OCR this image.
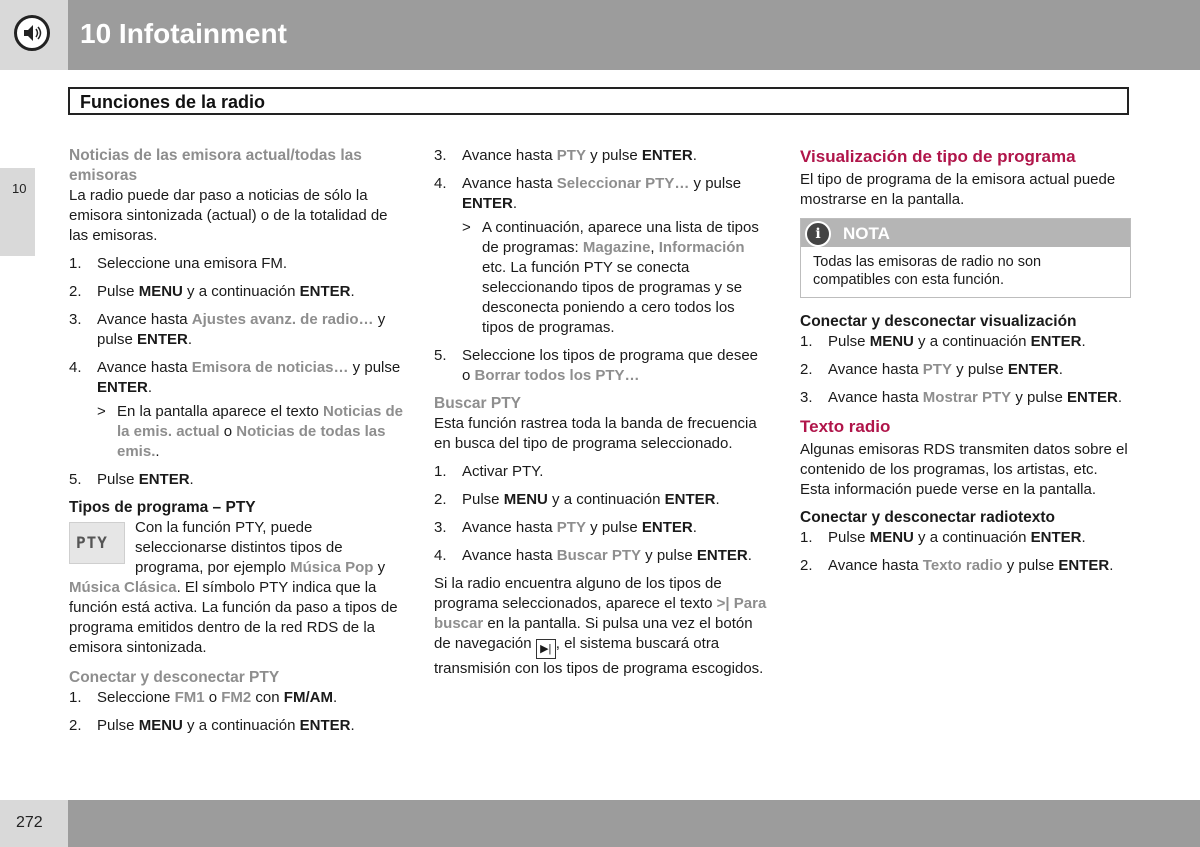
10 Infotainment
Funciones de la radio
10
Noticias de las emisora actual/todas las emisoras

La radio puede dar paso a noticias de sólo la emisora sintonizada (actual) o de la totalidad de las emisoras.

1. Seleccione una emisora FM.
2. Pulse MENU y a continuación ENTER.
3. Avance hasta Ajustes avanz. de radio… y pulse ENTER.
4. Avance hasta Emisora de noticias… y pulse ENTER.
> En la pantalla aparece el texto Noticias de la emis. actual o Noticias de todas las emis..
5. Pulse ENTER.
Tipos de programa – PTY

PTY
Con la función PTY, puede seleccionarse distintos tipos de programa, por ejemplo Música Pop y Música Clásica. El símbolo PTY indica que la función está activa. La función da paso a tipos de programa emitidos dentro de la red RDS de la emisora sintonizada.

Conectar y desconectar PTY
1. Seleccione FM1 o FM2 con FM/AM.
2. Pulse MENU y a continuación ENTER.
3. Avance hasta PTY y pulse ENTER.
4. Avance hasta Seleccionar PTY… y pulse ENTER.
> A continuación, aparece una lista de tipos de programas: Magazine, Información etc. La función PTY se conecta seleccionando tipos de programas y se desconecta poniendo a cero todos los tipos de programas.
5. Seleccione los tipos de programa que desee o Borrar todos los PTY…
Buscar PTY

Esta función rastrea toda la banda de frecuencia en busca del tipo de programa seleccionado.

1. Activar PTY.
2. Pulse MENU y a continuación ENTER.
3. Avance hasta PTY y pulse ENTER.
4. Avance hasta Buscar PTY y pulse ENTER.

Si la radio encuentra alguno de los tipos de programa seleccionados, aparece el texto >| Para buscar en la pantalla. Si pulsa una vez el botón de navegación ▶| , el sistema buscará otra transmisión con los tipos de programa escogidos.

Visualización de tipo de programa

El tipo de programa de la emisora actual puede mostrarse en la pantalla.

i	NOTA
Todas las emisoras de radio no son compatibles con esta función.
Conectar y desconectar visualización
1. Pulse MENU y a continuación ENTER.
2. Avance hasta PTY y pulse ENTER.
3. Avance hasta Mostrar PTY y pulse ENTER.
Texto radio

Algunas emisoras RDS transmiten datos sobre el contenido de los programas, los artistas, etc. Esta información puede verse en la pantalla.

Conectar y desconectar radiotexto
1. Pulse MENU y a continuación ENTER.
2. Avance hasta Texto radio y pulse ENTER.
272
